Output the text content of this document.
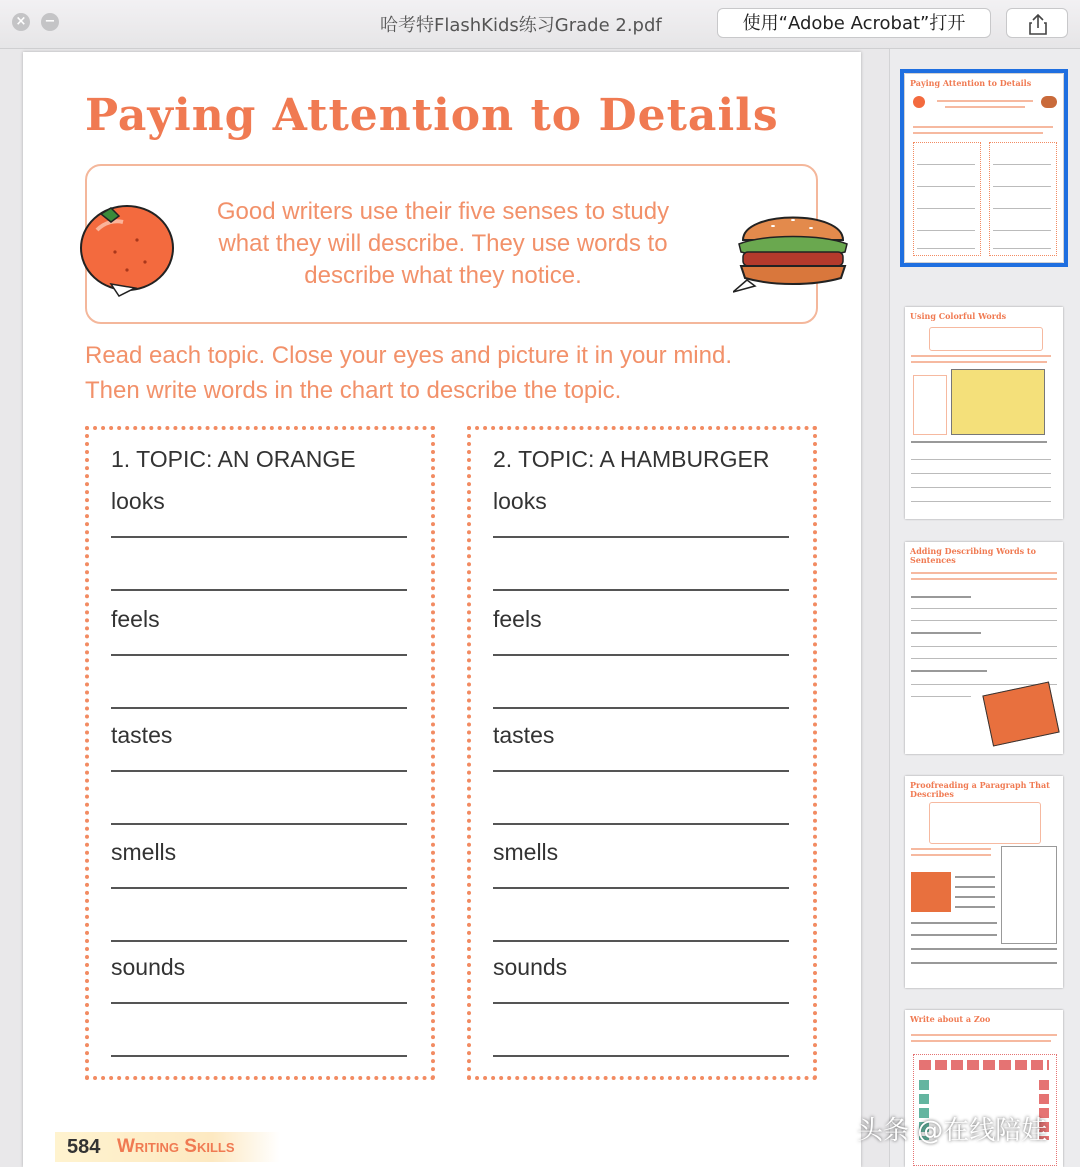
× −	哈考特FlashKids练习Grade 2.pdf	使用“Adobe Acrobat”打开
Paying Attention to Details
Good writers use their five senses to study what they will describe. They use words to describe what they notice.
Read each topic. Close your eyes and picture it in your mind.
Then write words in the chart to describe the topic.
1. TOPIC: AN ORANGE
looks
feels
tastes
smells
sounds
2. TOPIC: A HAMBURGER
looks
feels
tastes
smells
sounds
584 Writing Skills
Paying Attention to Details
Using Colorful Words
Adding Describing Words to Sentences
Proofreading a Paragraph That Describes
Write about a Zoo
头条 @在线陪娃
